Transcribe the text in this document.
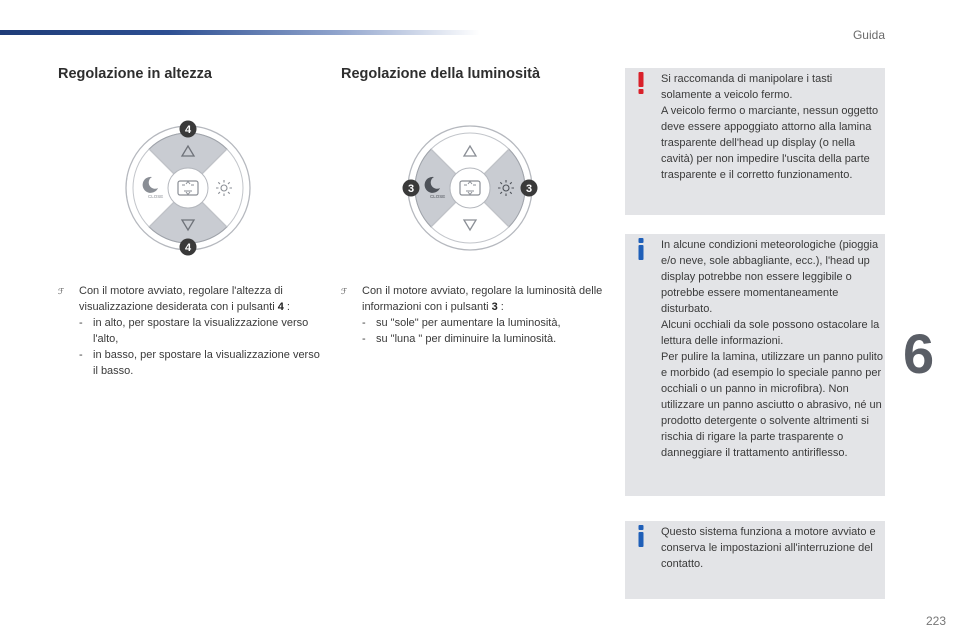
Guida
Regolazione in altezza
CLOSE
4
4
ℱ	Con il motore avviato, regolare l'altezza di visualizzazione desiderata con i pulsanti 4 :
- in alto, per spostare la visualizzazione verso l'alto,
- in basso, per spostare la visualizzazione verso il basso.
Regolazione della luminosità
CLOSE
3	3
ℱ	Con il motore avviato, regolare la luminosità delle informazioni con i pulsanti 3 :
- su "sole" per aumentare la luminosità,
- su "luna " per diminuire la luminosità.
Si raccomanda di manipolare i tasti solamente a veicolo fermo.
A veicolo fermo o marciante, nessun oggetto deve essere appoggiato attorno alla lamina trasparente dell'head up display (o nella cavità) per non impedire l'uscita della parte trasparente e il corretto funzionamento.
In alcune condizioni meteorologiche (pioggia e/o neve, sole abbagliante, ecc.), l'head up display potrebbe non essere leggibile o potrebbe essere momentaneamente disturbato.
Alcuni occhiali da sole possono ostacolare la lettura delle informazioni.
Per pulire la lamina, utilizzare un panno pulito e morbido (ad esempio lo speciale panno per occhiali o un panno in microfibra). Non utilizzare un panno asciutto o abrasivo, né un prodotto detergente o solvente altrimenti si rischia di rigare la parte trasparente o danneggiare il trattamento antiriflesso.
Questo sistema funziona a motore avviato e conserva le impostazioni all'interruzione del contatto.
6
223
